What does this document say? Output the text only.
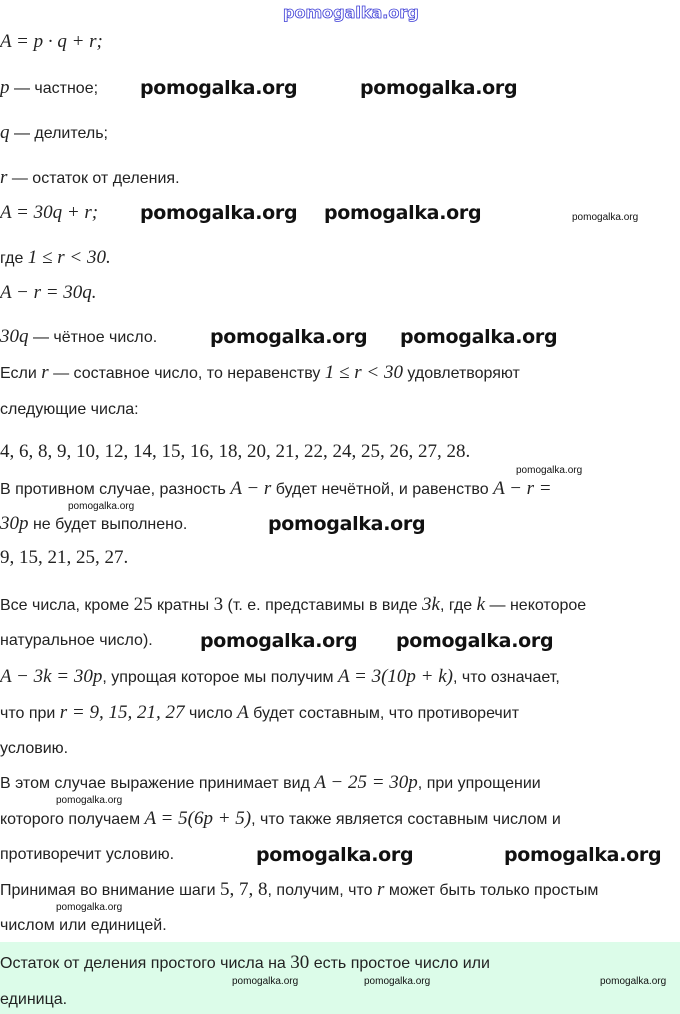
A = p · q + r;
p — частное;
q — делитель;
r — остаток от деления.
A = 30q + r;
где 1 ≤ r < 30.
A − r = 30q.
30q — чётное число.
Если r — составное число, то неравенству 1 ≤ r < 30 удовлетворяют
следующие числа:
4, 6, 8, 9, 10, 12, 14, 15, 16, 18, 20, 21, 22, 24, 25, 26, 27, 28.
В противном случае, разность A − r будет нечётной, и равенство A − r =
30p не будет выполнено.
9, 15, 21, 25, 27.
Все числа, кроме 25 кратны 3 (т. е. представимы в виде 3k, где k — некоторое
натуральное число).
A − 3k = 30p, упрощая которое мы получим A = 3(10p + k), что означает,
что при r = 9, 15, 21, 27 число A будет составным, что противоречит
условию.
В этом случае выражение принимает вид A − 25 = 30p, при упрощении
которого получаем A = 5(6p + 5), что также является составным числом и
противоречит условию.
Принимая во внимание шаги 5, 7, 8, получим, что r может быть только простым
числом или единицей.
Остаток от деления простого числа на 30 есть простое число или
единица.
pomogalka.org
pomogalka.org	pomogalka.org
pomogalka.org pomogalka.org
pomogalka.org pomogalka.org
pomogalka.org
pomogalka.org
pomogalka.org
pomogalka.org	pomogalka.org
pomogalka.org
pomogalka.org
pomogalka.org
pomogalka.org
pomogalka.org
pomogalka.org	pomogalka.org	pomogalka.org
